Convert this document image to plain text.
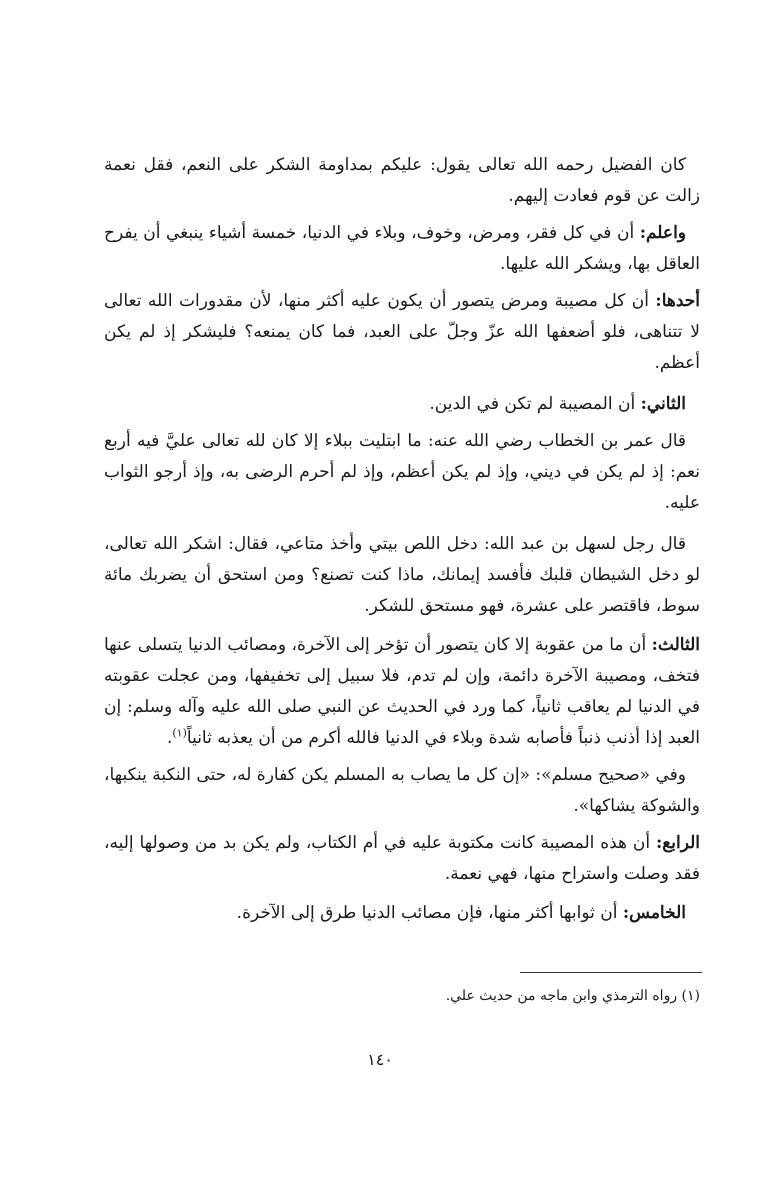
كان الفضيل رحمه الله تعالى يقول: عليكم بمداومة الشكر على النعم، فقل نعمة زالت عن قوم فعادت إليهم.

واعلم: أن في كل فقر، ومرض، وخوف، وبلاء في الدنيا، خمسة أشياء ينبغي أن يفرح العاقل بها، ويشكر الله عليها.

أحدها: أن كل مصيبة ومرض يتصور أن يكون عليه أكثر منها، لأن مقدورات الله تعالى لا تتناهى، فلو أضعفها الله عزّ وجلّ على العبد، فما كان يمنعه؟ فليشكر إذ لم يكن أعظم.

الثاني: أن المصيبة لم تكن في الدين.

قال عمر بن الخطاب رضي الله عنه: ما ابتليت ببلاء إلا كان لله تعالى عليَّ فيه أربع نعم: إذ لم يكن في ديني، وإذ لم يكن أعظم، وإذ لم أحرم الرضى به، وإذ أرجو الثواب عليه.

قال رجل لسهل بن عبد الله: دخل اللص بيتي وأخذ متاعي، فقال: اشكر الله تعالى، لو دخل الشيطان قلبك فأفسد إيمانك، ماذا كنت تصنع؟ ومن استحق أن يضربك مائة سوط، فاقتصر على عشرة، فهو مستحق للشكر.

الثالث: أن ما من عقوبة إلا كان يتصور أن تؤخر إلى الآخرة، ومصائب الدنيا يتسلى عنها فتخف، ومصيبة الآخرة دائمة، وإن لم تدم، فلا سبيل إلى تخفيفها، ومن عجلت عقوبته في الدنيا لم يعاقب ثانياً، كما ورد في الحديث عن النبي صلى الله عليه وآله وسلم: إن العبد إذا أذنب ذنباً فأصابه شدة وبلاء في الدنيا فالله أكرم من أن يعذبه ثانياً$^{(١)}$.

وفي «صحيح مسلم»: «إن كل ما يصاب به المسلم يكن كفارة له، حتى النكبة ينكبها، والشوكة يشاكها».

الرابع: أن هذه المصيبة كانت مكتوبة عليه في أم الكتاب، ولم يكن بد من وصولها إليه، فقد وصلت واستراح منها، فهي نعمة.

الخامس: أن ثوابها أكثر منها، فإن مصائب الدنيا طرق إلى الآخرة.

(١) رواه الترمذي وابن ماجه من حديث علي.
١٤٠
